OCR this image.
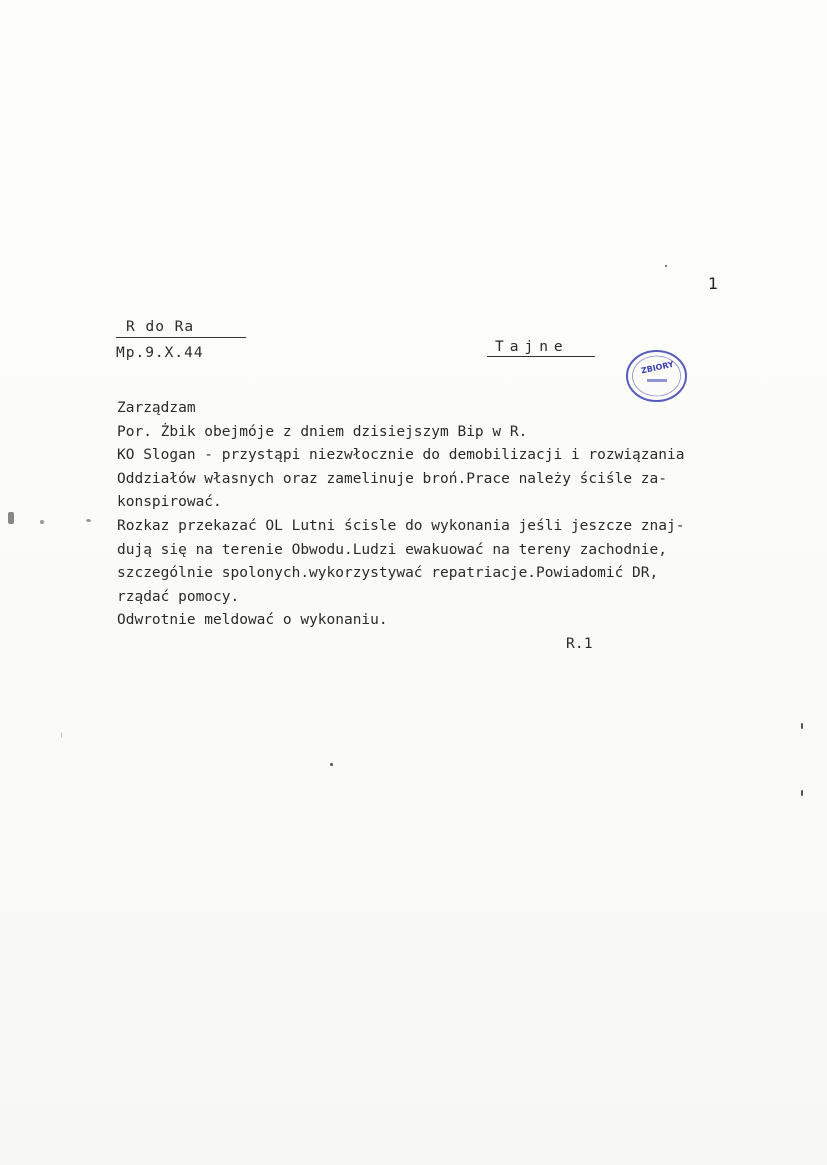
1
R do Ra
Mp.9.X.44	Tajne
ZBIORY
Zarządzam
Por. Żbik obejmóje z dniem dzisiejszym Bip w R.
KO Slogan - przystąpi niezwłocznie do demobilizacji i rozwiązania
Oddziałów własnych oraz zamelinuje broń.Prace należy ściśle za-
konspirować.
Rozkaz przekazać OL Lutni ścisle do wykonania jeśli jeszcze znaj-
dują się na terenie Obwodu.Ludzi ewakuować na tereny zachodnie,
szczególnie spolonych.wykorzystywać repatriacje.Powiadomić DR,
rządać pomocy.
Odwrotnie meldować o wykonaniu.
R.1
